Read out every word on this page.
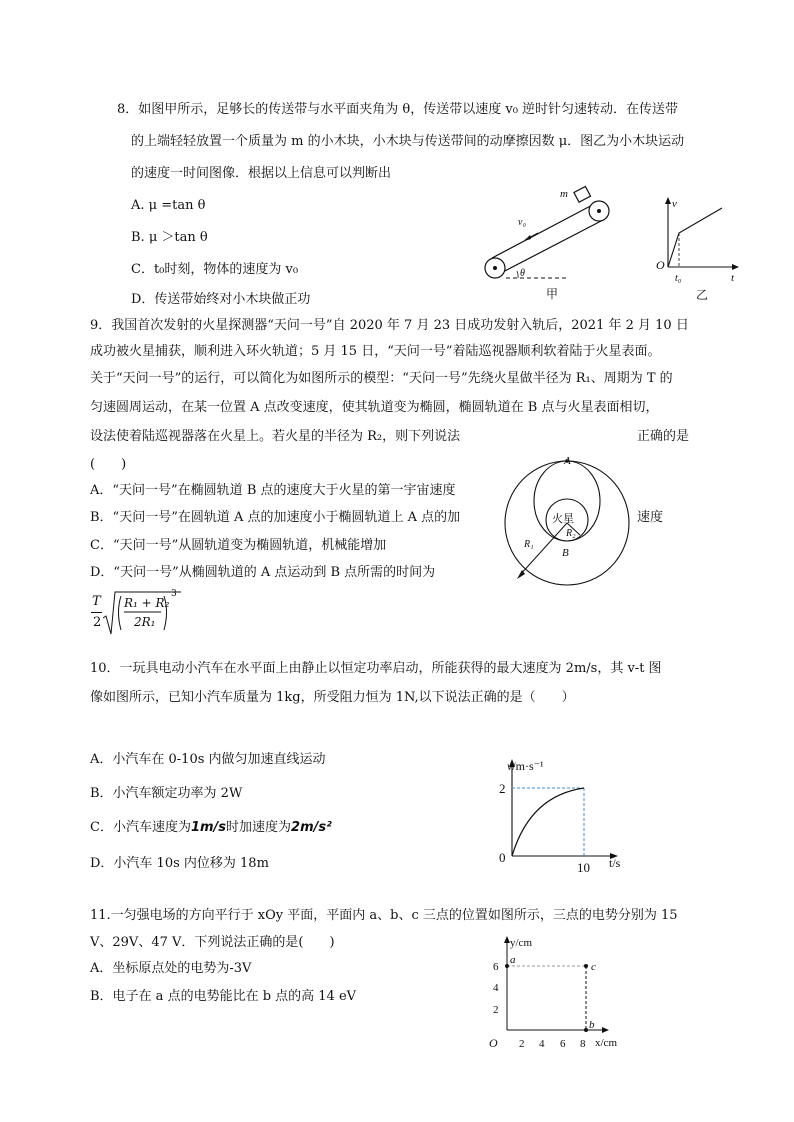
8．如图甲所示，足够长的传送带与水平面夹角为 θ，传送带以速度 v₀ 逆时针匀速转动．在传送带
的上端轻轻放置一个质量为 m 的小木块，小木块与传送带间的动摩擦因数 μ．图乙为小木块运动
的速度一时间图像．根据以上信息可以判断出
A. μ =tan θ
B. μ ＞tan θ
C．t₀时刻，物体的速度为 v₀
D．传送带始终对小木块做正功
m
v₀
θ
甲
v
O
t₀	t
乙
9．我国首次发射的火星探测器“天问一号”自 2020 年 7 月 23 日成功发射入轨后，2021 年 2 月 10 日
成功被火星捕获，顺利进入环火轨道；5 月 15 日，“天问一号”着陆巡视器顺利软着陆于火星表面。
关于“天问一号”的运行，可以简化为如图所示的模型：“天问一号”先绕火星做半径为 R₁、周期为 T 的
匀速圆周运动，在某一位置 A 点改变速度，使其轨道变为椭圆，椭圆轨道在 B 点与火星表面相切，
设法使着陆巡视器落在火星上。若火星的半径为 R₂，则下列说法	正确的是
(　　)
A．“天问一号”在椭圆轨道 B 点的速度大于火星的第一宇宙速度
B．“天问一号”在圆轨道 A 点的加速度小于椭圆轨道上 A 点的加	速度
C．“天问一号”从圆轨道变为椭圆轨道，机械能增加
D．“天问一号”从椭圆轨道的 A 点运动到 B 点所需的时间为
T
2
R₁ + R₂
2R₁
3
A
B
火星
R₂
R₁
10．一玩具电动小汽车在水平面上由静止以恒定功率启动，所能获得的最大速度为 2m/s，其 v-t 图
像如图所示，已知小汽车质量为 1kg，所受阻力恒为 1N,以下说法正确的是（　　）
A．小汽车在 0-10s 内做匀加速直线运动
B．小汽车额定功率为 2W
C．小汽车速度为1m/s时加速度为2m/s²
D．小汽车 10s 内位移为 18m
v/m·s⁻¹
2
0
10 t/s
11.一匀强电场的方向平行于 xOy 平面，平面内 a、b、c 三点的位置如图所示，三点的电势分别为 15
V、29V、47 V．下列说法正确的是(　　)
A．坐标原点处的电势为-3V
B．电子在 a 点的电势能比在 b 点的高 14 eV
y/cm
x/cm
O
a
c
b
6
4
2
2 4 6 8
